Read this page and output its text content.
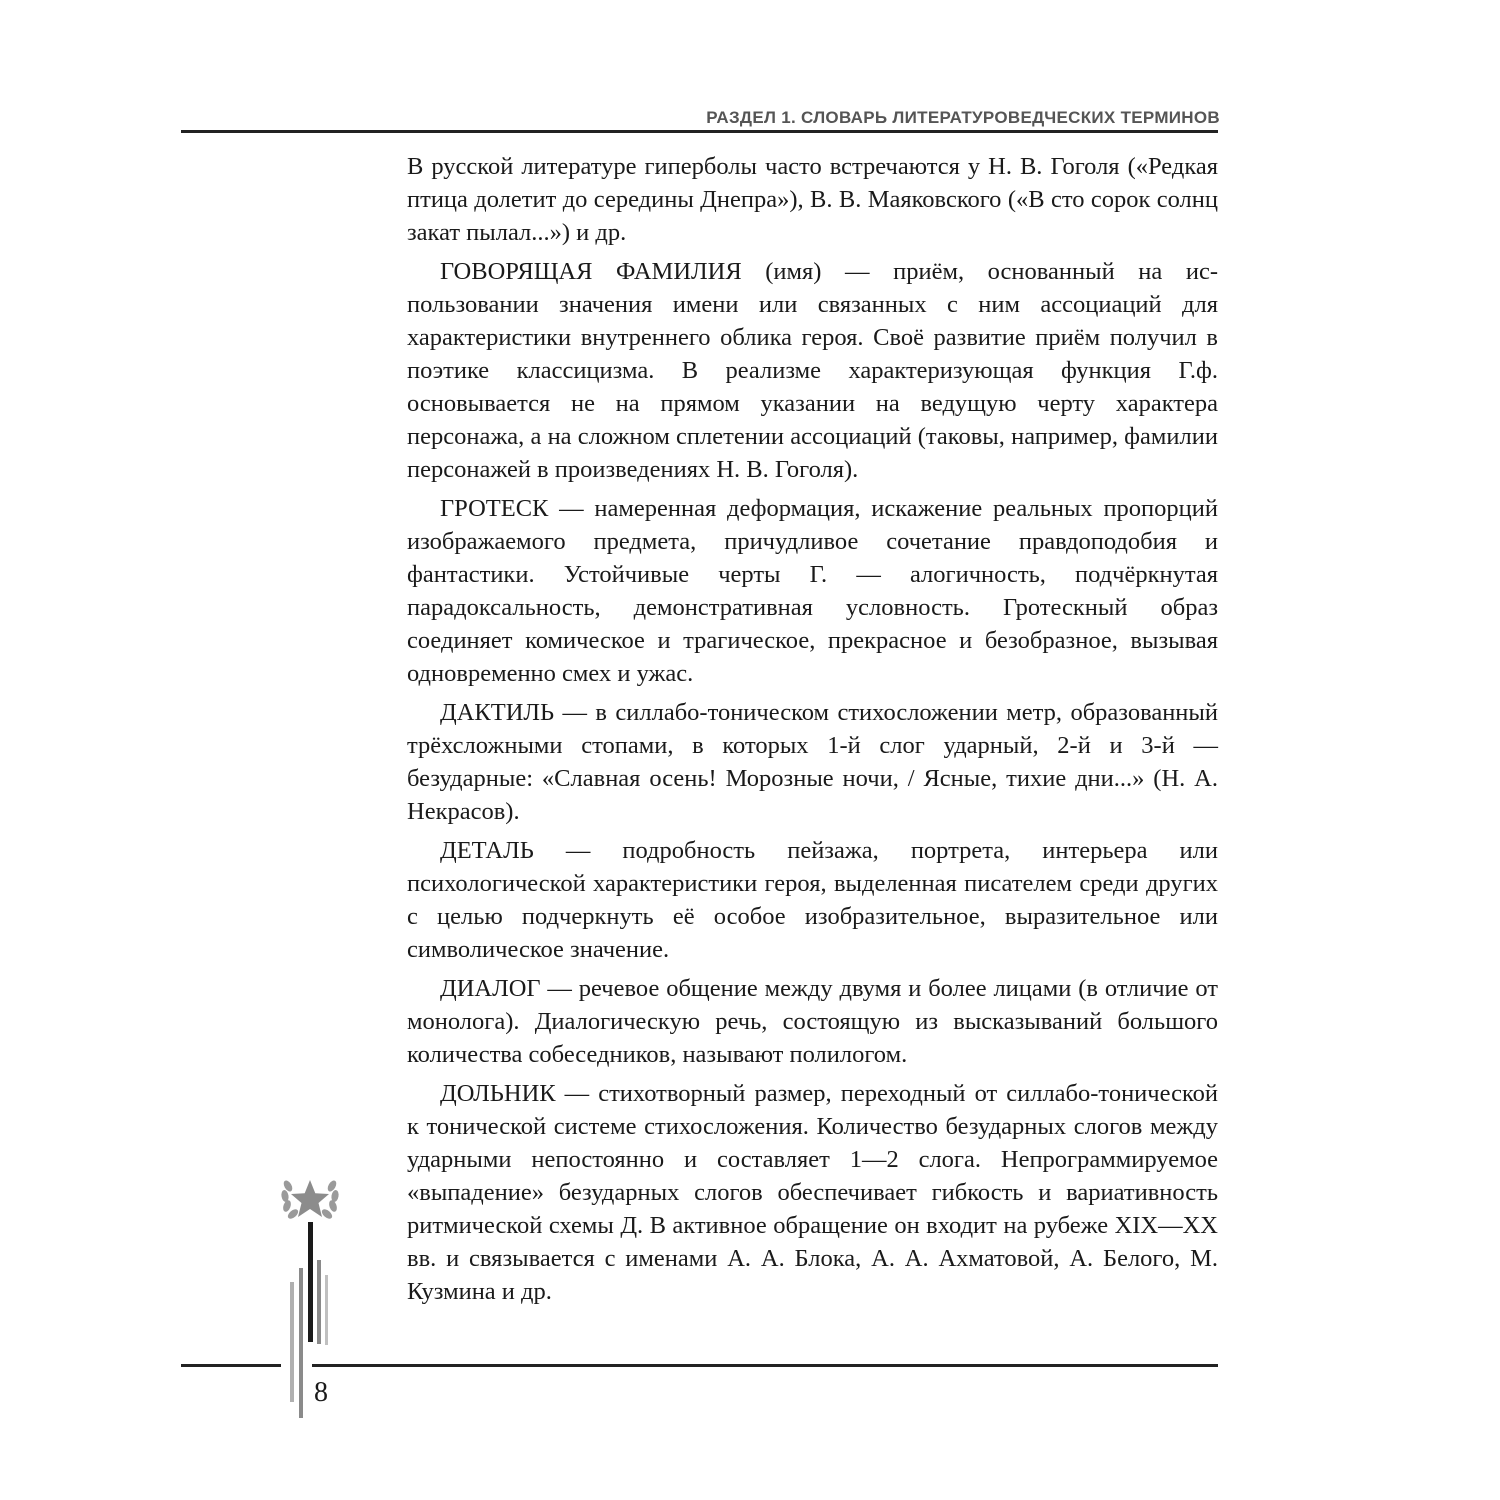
РАЗДЕЛ 1. СЛОВАРЬ ЛИТЕРАТУРОВЕДЧЕСКИХ ТЕРМИНОВ

В русской литературе гиперболы часто встречаются у Н. В. Гоголя («Редкая птица долетит до середины Днепра»), В. В. Маяковского («В сто сорок солнц закат пылал...») и др.

ГОВОРЯЩАЯ ФАМИЛИЯ (имя) — приём, основанный на использовании значения имени или связанных с ним ассоциаций для характеристики внутреннего облика героя. Своё развитие приём получил в поэтике классицизма. В реализме характеризующая функция Г.ф. основывается не на прямом указании на ведущую черту характера персонажа, а на сложном сплетении ассоциаций (таковы, например, фамилии персонажей в произведениях Н. В. Гоголя).

ГРОТЕСК — намеренная деформация, искажение реальных пропорций изображаемого предмета, причудливое сочетание правдоподобия и фантастики. Устойчивые черты Г. — алогичность, подчёркнутая парадоксальность, демонстративная условность. Гротескный образ соединяет комическое и трагическое, прекрасное и безобразное, вызывая одновременно смех и ужас.

ДАКТИЛЬ — в силлабо-тоническом стихосложении метр, образованный трёхсложными стопами, в которых 1-й слог ударный, 2-й и 3-й — безударные: «Славная осень! Морозные ночи, / Ясные, тихие дни...» (Н. А. Некрасов).

ДЕТАЛЬ — подробность пейзажа, портрета, интерьера или психологической характеристики героя, выделенная писателем среди других с целью подчеркнуть её особое изобразительное, выразительное или символическое значение.

ДИАЛОГ — речевое общение между двумя и более лицами (в отличие от монолога). Диалогическую речь, состоящую из высказываний большого количества собеседников, называют полилогом.

ДОЛЬНИК — стихотворный размер, переходный от силлабо-тонической к тонической системе стихосложения. Количество безударных слогов между ударными непостоянно и составляет 1—2 слога. Непрограммируемое «выпадение» безударных слогов обеспечивает гибкость и вариативность ритмической схемы Д. В активное обращение он входит на рубеже XIX—XX вв. и связывается с именами А. А. Блока, А. А. Ахматовой, А. Белого, М. Кузмина и др.

8
